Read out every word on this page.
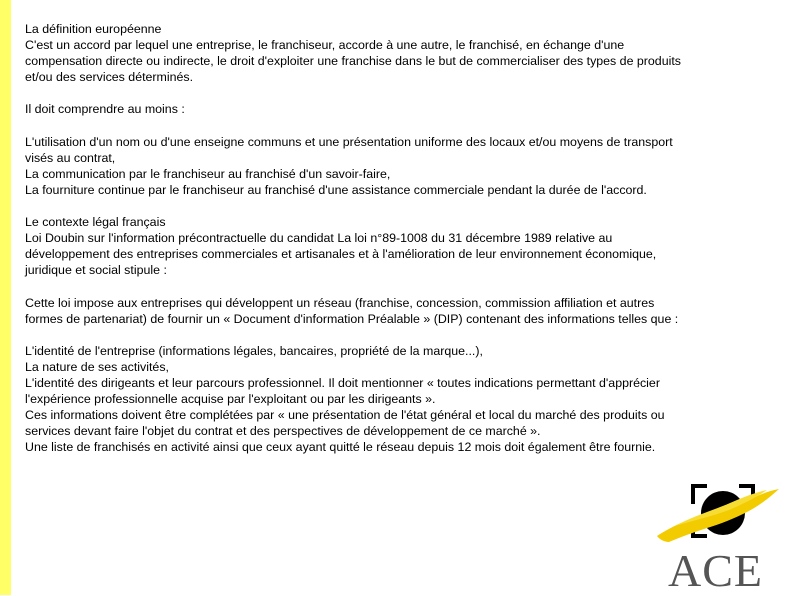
La définition européenne
C'est un accord par lequel une entreprise, le franchiseur, accorde à une autre, le franchisé, en échange d'une
compensation directe ou indirecte, le droit d'exploiter une franchise dans le but de commercialiser des types de produits
et/ou des services déterminés.
Il doit comprendre au moins :
L'utilisation d'un nom ou d'une enseigne communs et une présentation uniforme des locaux et/ou moyens de transport
visés au contrat,
La communication par le franchiseur au franchisé d'un savoir-faire,
La fourniture continue par le franchiseur au franchisé d'une assistance commerciale pendant la durée de l'accord.
Le contexte légal français
Loi Doubin sur l'information précontractuelle du candidat La loi n°89-1008 du 31 décembre 1989 relative au
développement des entreprises commerciales et artisanales et à l'amélioration de leur environnement économique,
juridique et social stipule :
Cette loi impose aux entreprises qui développent un réseau (franchise, concession, commission affiliation et autres
formes de partenariat) de fournir un « Document d'information Préalable » (DIP) contenant des informations telles que :
L'identité de l'entreprise (informations légales, bancaires, propriété de la marque...),
La nature de ses activités,
L'identité des dirigeants et leur parcours professionnel. Il doit mentionner « toutes indications permettant d'apprécier
l'expérience professionnelle acquise par l'exploitant ou par les dirigeants ».
Ces informations doivent être complétées par « une présentation de l'état général et local du marché des produits ou
services devant faire l'objet du contrat et des perspectives de développement de ce marché ».
Une liste de franchisés en activité ainsi que ceux ayant quitté le réseau depuis 12 mois doit également être fournie.
ACE
